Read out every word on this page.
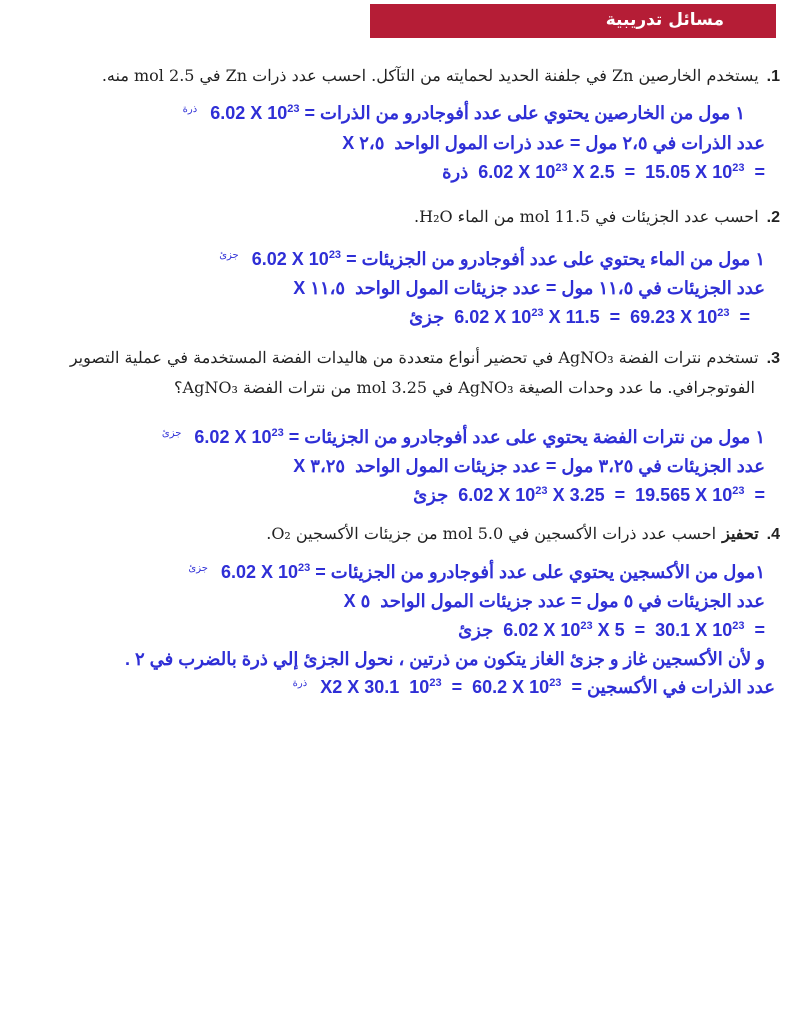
مسائل تدريبية
1.يستخدم الخارصين Zn في جلفنة الحديد لحمايته من التآكل. احسب عدد ذرات Zn في 2.5 mol منه.
١ مول من الخارصين يحتوي على عدد أفوجادرو من الذرات = 6.02 X $10^{23}$ $^{ذرة}$
عدد الذرات في ٢،٥ مول = عدد ذرات المول الواحد  X ٢،٥
=  6.02 X $10^{23}$ X 2.5  =  15.05 X $10^{23}$  ذرة
2.احسب عدد الجزيئات في 11.5 mol من الماء H₂O.
١ مول من الماء يحتوي على عدد أفوجادرو من الجزيئات = 6.02 X $10^{23}$ $^{جزئ}$
عدد الجزيئات في ١١،٥ مول = عدد جزيئات المول الواحد  X ١١،٥
=  6.02 X $10^{23}$ X 11.5  =  69.23 X $10^{23}$  جزئ
3.تستخدم نترات الفضة AgNO₃ في تحضير أنواع متعددة من هاليدات الفضة المستخدمة في عملية التصوير
الفوتوجرافي. ما عدد وحدات الصيغة AgNO₃ في 3.25 mol من نترات الفضة AgNO₃؟
١ مول من نترات الفضة يحتوي على عدد أفوجادرو من الجزيئات = 6.02 X $10^{23}$ $^{جزئ}$
عدد الجزيئات في ٣،٢٥ مول = عدد جزيئات المول الواحد  X ٣،٢٥
=  6.02 X $10^{23}$ X 3.25  =  19.565 X $10^{23}$  جزئ
4.تحفيزاحسب عدد ذرات الأكسجين في 5.0 mol من جزيئات الأكسجين O₂.
١مول من الأكسجين يحتوي على عدد أفوجادرو من الجزيئات = 6.02 X $10^{23}$ $^{جزئ}$
عدد الجزيئات في ٥ مول = عدد جزيئات المول الواحد  X ٥
=  6.02 X $10^{23}$ X 5  =  30.1 X $10^{23}$  جزئ
و لأن الأكسجين غاز و جزئ الغاز يتكون من ذرتين ، نحول الجزئ إلي ذرة بالضرب في ٢ .
عدد الذرات في الأكسجين =  X2 X 30.1 $10^{23} = 60.2$ X $10^{23}$ $^{ذرة}$
